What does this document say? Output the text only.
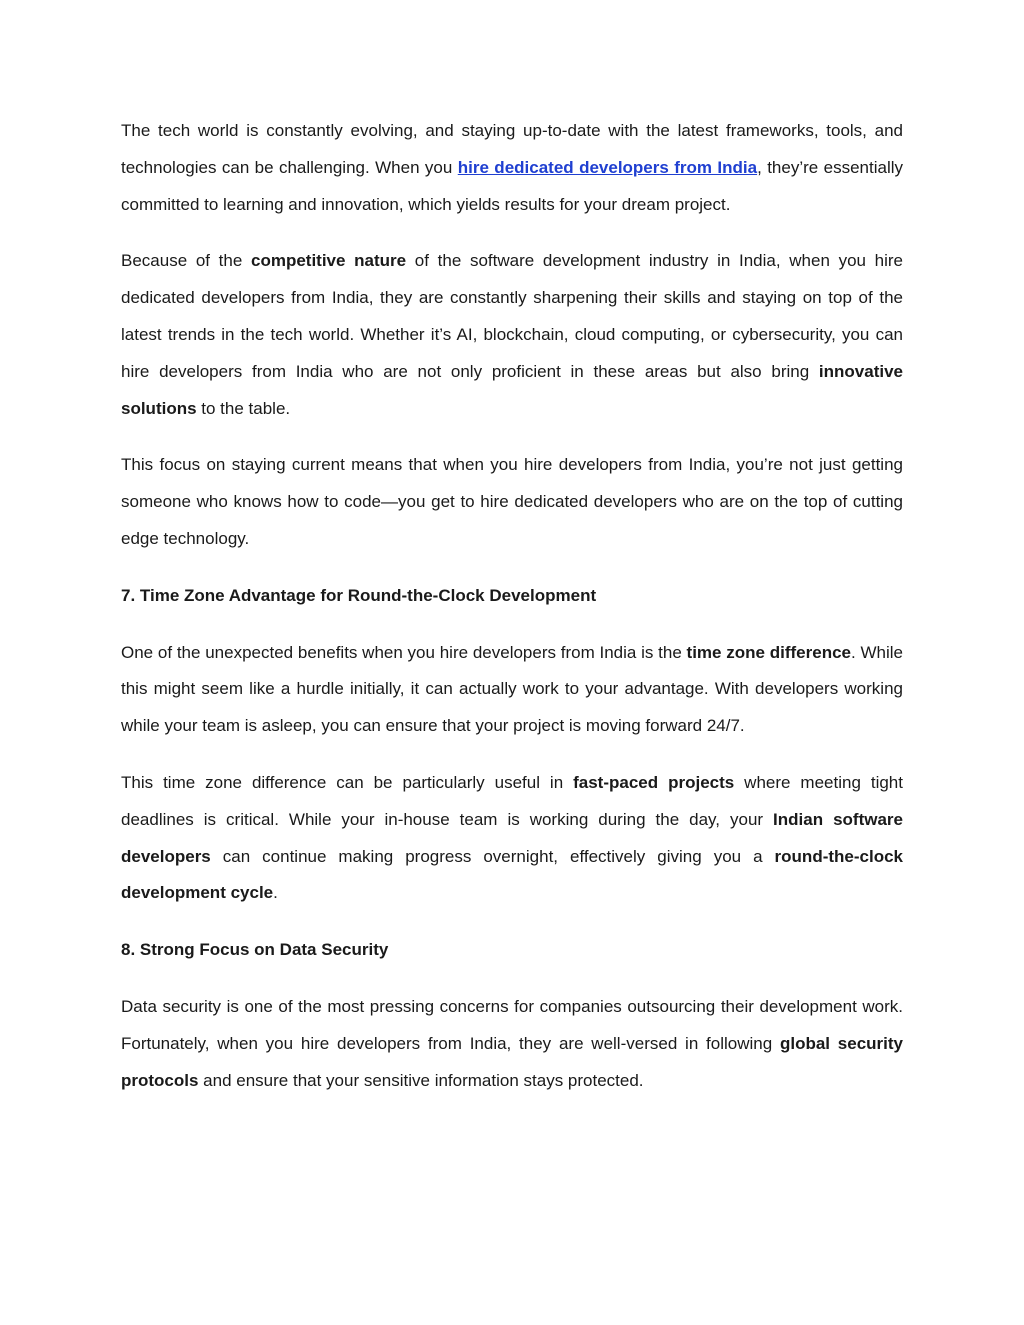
The tech world is constantly evolving, and staying up-to-date with the latest frameworks, tools, and technologies can be challenging. When you hire dedicated developers from India, they’re essentially committed to learning and innovation, which yields results for your dream project.

Because of the competitive nature of the software development industry in India, when you hire dedicated developers from India, they are constantly sharpening their skills and staying on top of the latest trends in the tech world. Whether it’s AI, blockchain, cloud computing, or cybersecurity, you can hire developers from India who are not only proficient in these areas but also bring innovative solutions to the table.

This focus on staying current means that when you hire developers from India, you’re not just getting someone who knows how to code—you get to hire dedicated developers who are on the top of cutting edge technology.

7. Time Zone Advantage for Round-the-Clock Development

One of the unexpected benefits when you hire developers from India is the time zone difference. While this might seem like a hurdle initially, it can actually work to your advantage. With developers working while your team is asleep, you can ensure that your project is moving forward 24/7.

This time zone difference can be particularly useful in fast-paced projects where meeting tight deadlines is critical. While your in-house team is working during the day, your Indian software developers can continue making progress overnight, effectively giving you a round-the-clock development cycle.

8. Strong Focus on Data Security

Data security is one of the most pressing concerns for companies outsourcing their development work. Fortunately, when you hire developers from India, they are well-versed in following global security protocols and ensure that your sensitive information stays protected.
